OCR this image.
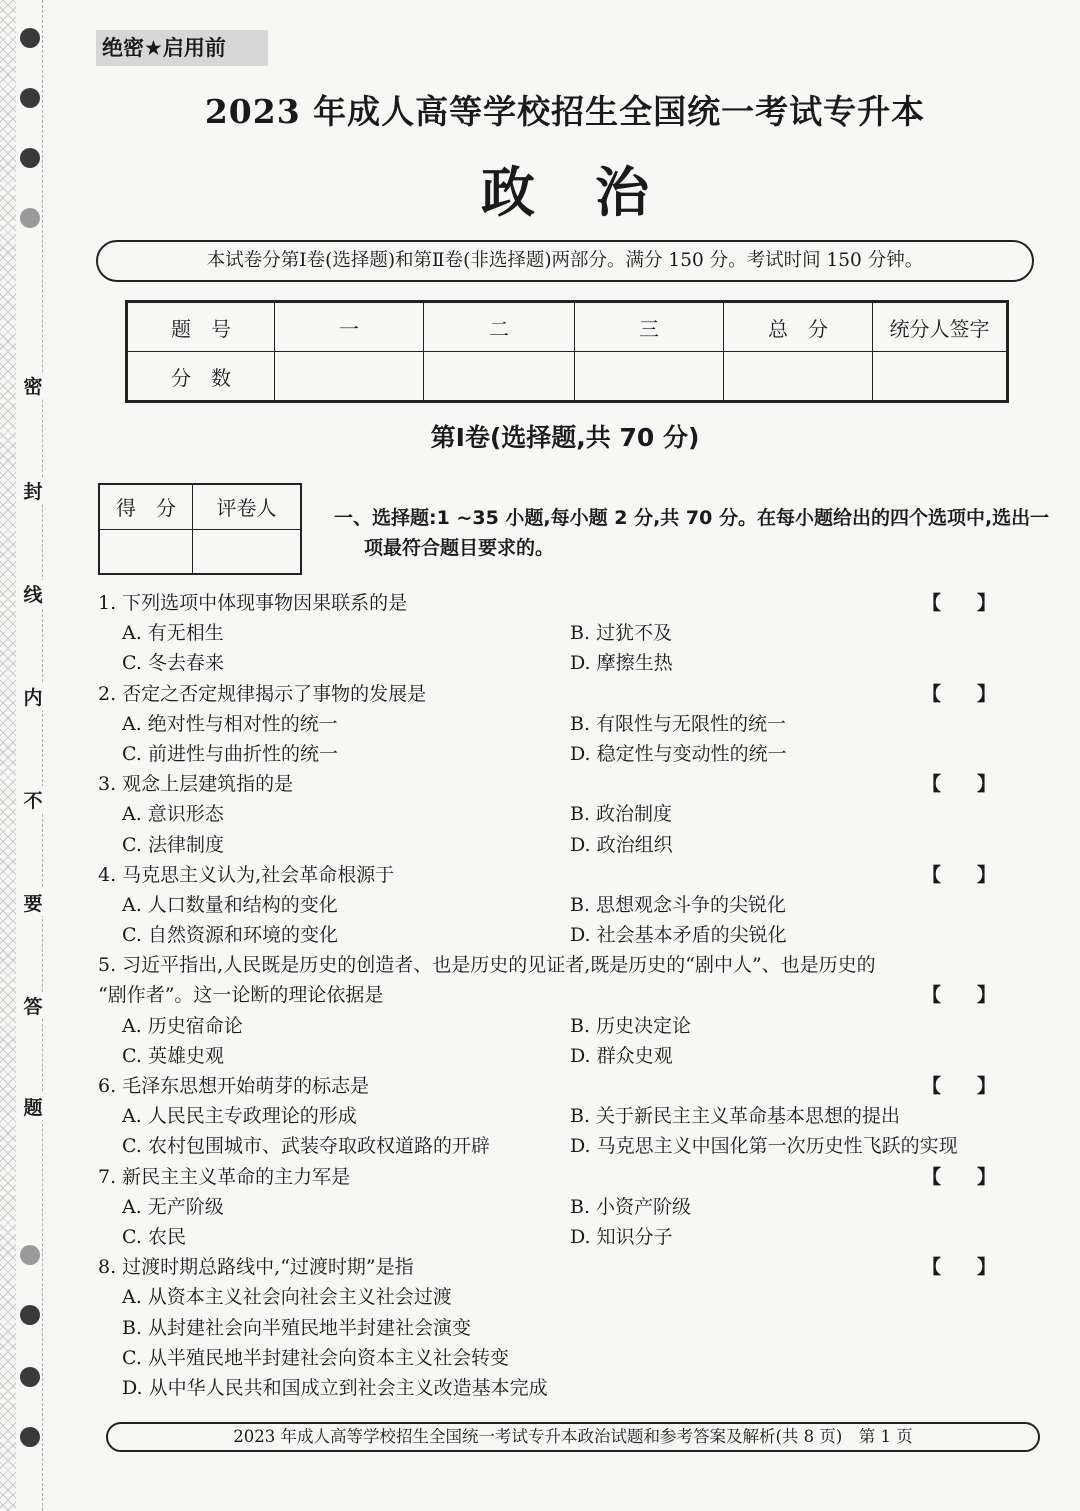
密
封
线
内
不
要
答
题
绝密★启用前
2023 年成人高等学校招生全国统一考试专升本
政治
本试卷分第Ⅰ卷(选择题)和第Ⅱ卷(非选择题)两部分。满分 150 分。考试时间 150 分钟。
题　号	一	二	三	总　分	统分人签字
分　数					
第Ⅰ卷(选择题,共 70 分)
得　分	评卷人
		一、选择题:1 ~35 小题,每小题 2 分,共 70 分。在每小题给出的四个选项中,选出一项最符合题目要求的。
1. 下列选项中体现事物因果联系的是	【】
A. 有无相生	B. 过犹不及
C. 冬去春来	D. 摩擦生热
2. 否定之否定规律揭示了事物的发展是	【】
A. 绝对性与相对性的统一	B. 有限性与无限性的统一
C. 前进性与曲折性的统一	D. 稳定性与变动性的统一
3. 观念上层建筑指的是	【】
A. 意识形态	B. 政治制度
C. 法律制度	D. 政治组织
4. 马克思主义认为,社会革命根源于	【】
A. 人口数量和结构的变化	B. 思想观念斗争的尖锐化
C. 自然资源和环境的变化	D. 社会基本矛盾的尖锐化
5. 习近平指出,人民既是历史的创造者、也是历史的见证者,既是历史的“剧中人”、也是历史的
“剧作者”。这一论断的理论依据是	【】
A. 历史宿命论	B. 历史决定论
C. 英雄史观	D. 群众史观
6. 毛泽东思想开始萌芽的标志是	【】
A. 人民民主专政理论的形成	B. 关于新民主主义革命基本思想的提出
C. 农村包围城市、武装夺取政权道路的开辟	D. 马克思主义中国化第一次历史性飞跃的实现
7. 新民主主义革命的主力军是	【】
A. 无产阶级	B. 小资产阶级
C. 农民	D. 知识分子
8. 过渡时期总路线中,“过渡时期”是指	【】
A. 从资本主义社会向社会主义社会过渡
B. 从封建社会向半殖民地半封建社会演变
C. 从半殖民地半封建社会向资本主义社会转变
D. 从中华人民共和国成立到社会主义改造基本完成
2023 年成人高等学校招生全国统一考试专升本政治试题和参考答案及解析(共 8 页)　第 1 页
